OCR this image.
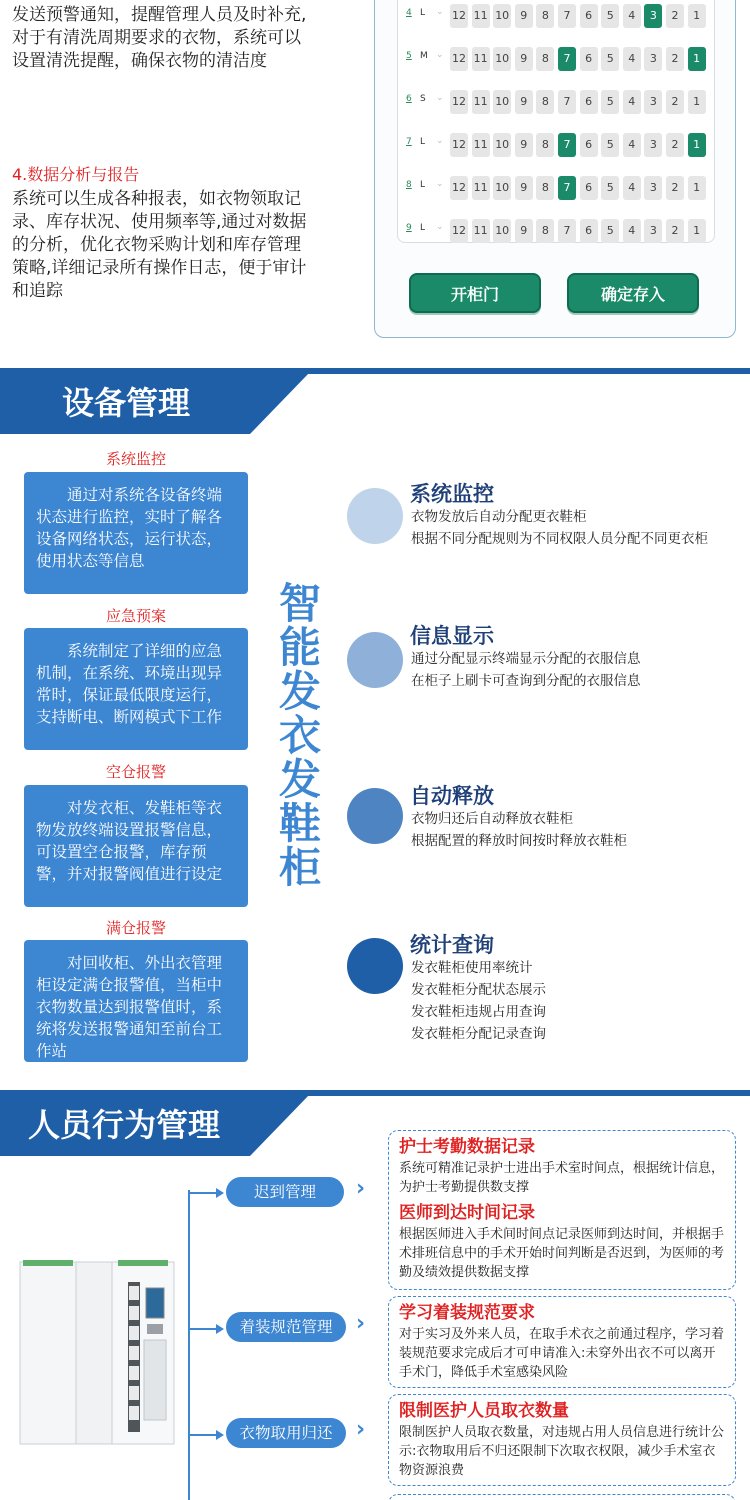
发送预警通知，提醒管理人员及时补充,
对于有清洗周期要求的衣物，系统可以
设置清洗提醒，确保衣物的清洁度
4.数据分析与报告
系统可以生成各种报表，如衣物领取记
录、库存状况、使用频率等,通过对数据
的分析，优化衣物采购计划和库存管理
策略,详细记录所有操作日志，便于审计
和追踪
4 L ⌄ 12 11 10	9	8	7	6	5	4	3	2	1
5 M ⌄ 12 11 10	9	8	7	6	5	4	3	2	1
6 S ⌄ 12 11 10	9	8	7	6	5	4	3	2	1
7 L ⌄ 12 11 10	9	8	7	6	5	4	3	2	1
8 L ⌄ 12 11 10	9	8	7	6	5	4	3	2	1
9 L ⌄ 12 11 10	9	8	7	6	5	4	3	2	1
开柜门	确定存入
设备管理
系统监控
通过对系统各设备终端状态进行监控，实时了解各设备网络状态，运行状态，使用状态等信息
应急预案
系统制定了详细的应急机制，在系统、环境出现异常时，保证最低限度运行，支持断电、断网模式下工作
空仓报警
对发衣柜、发鞋柜等衣物发放终端设置报警信息，可设置空仓报警，库存预警，并对报警阀值进行设定
满仓报警
对回收柜、外出衣管理柜设定满仓报警值，当柜中衣物数量达到报警值时，系统将发送报警通知至前台工作站
智能发衣发鞋柜
系统监控
衣物发放后自动分配更衣鞋柜
根据不同分配规则为不同权限人员分配不同更衣柜
信息显示
通过分配显示终端显示分配的衣服信息
在柜子上刷卡可查询到分配的衣服信息
自动释放
衣物归还后自动释放衣鞋柜
根据配置的释放时间按时释放衣鞋柜
统计查询
发衣鞋柜使用率统计
发衣鞋柜分配状态展示
发衣鞋柜违规占用查询
发衣鞋柜分配记录查询
人员行为管理
迟到管理	›
着装规范管理	›
衣物取用归还	›
护士考勤数据记录
系统可精准记录护士进出手术室时间点，根据统计信息，为护士考勤提供数支撑
医师到达时间记录
根据医师进入手术间时间点记录医师到达时间，并根据手术排班信息中的手术开始时间判断是否迟到，为医师的考勤及绩效提供数据支撑
学习着装规范要求
对于实习及外来人员，在取手术衣之前通过程序，学习着装规范要求完成后才可申请准入:未穿外出衣不可以离开手术门，降低手术室感染风险
限制医护人员取衣数量
限制医护人员取衣数量，对违规占用人员信息进行统计公示:衣物取用后不归还限制下次取衣权限，减少手术室衣物资源浪费
